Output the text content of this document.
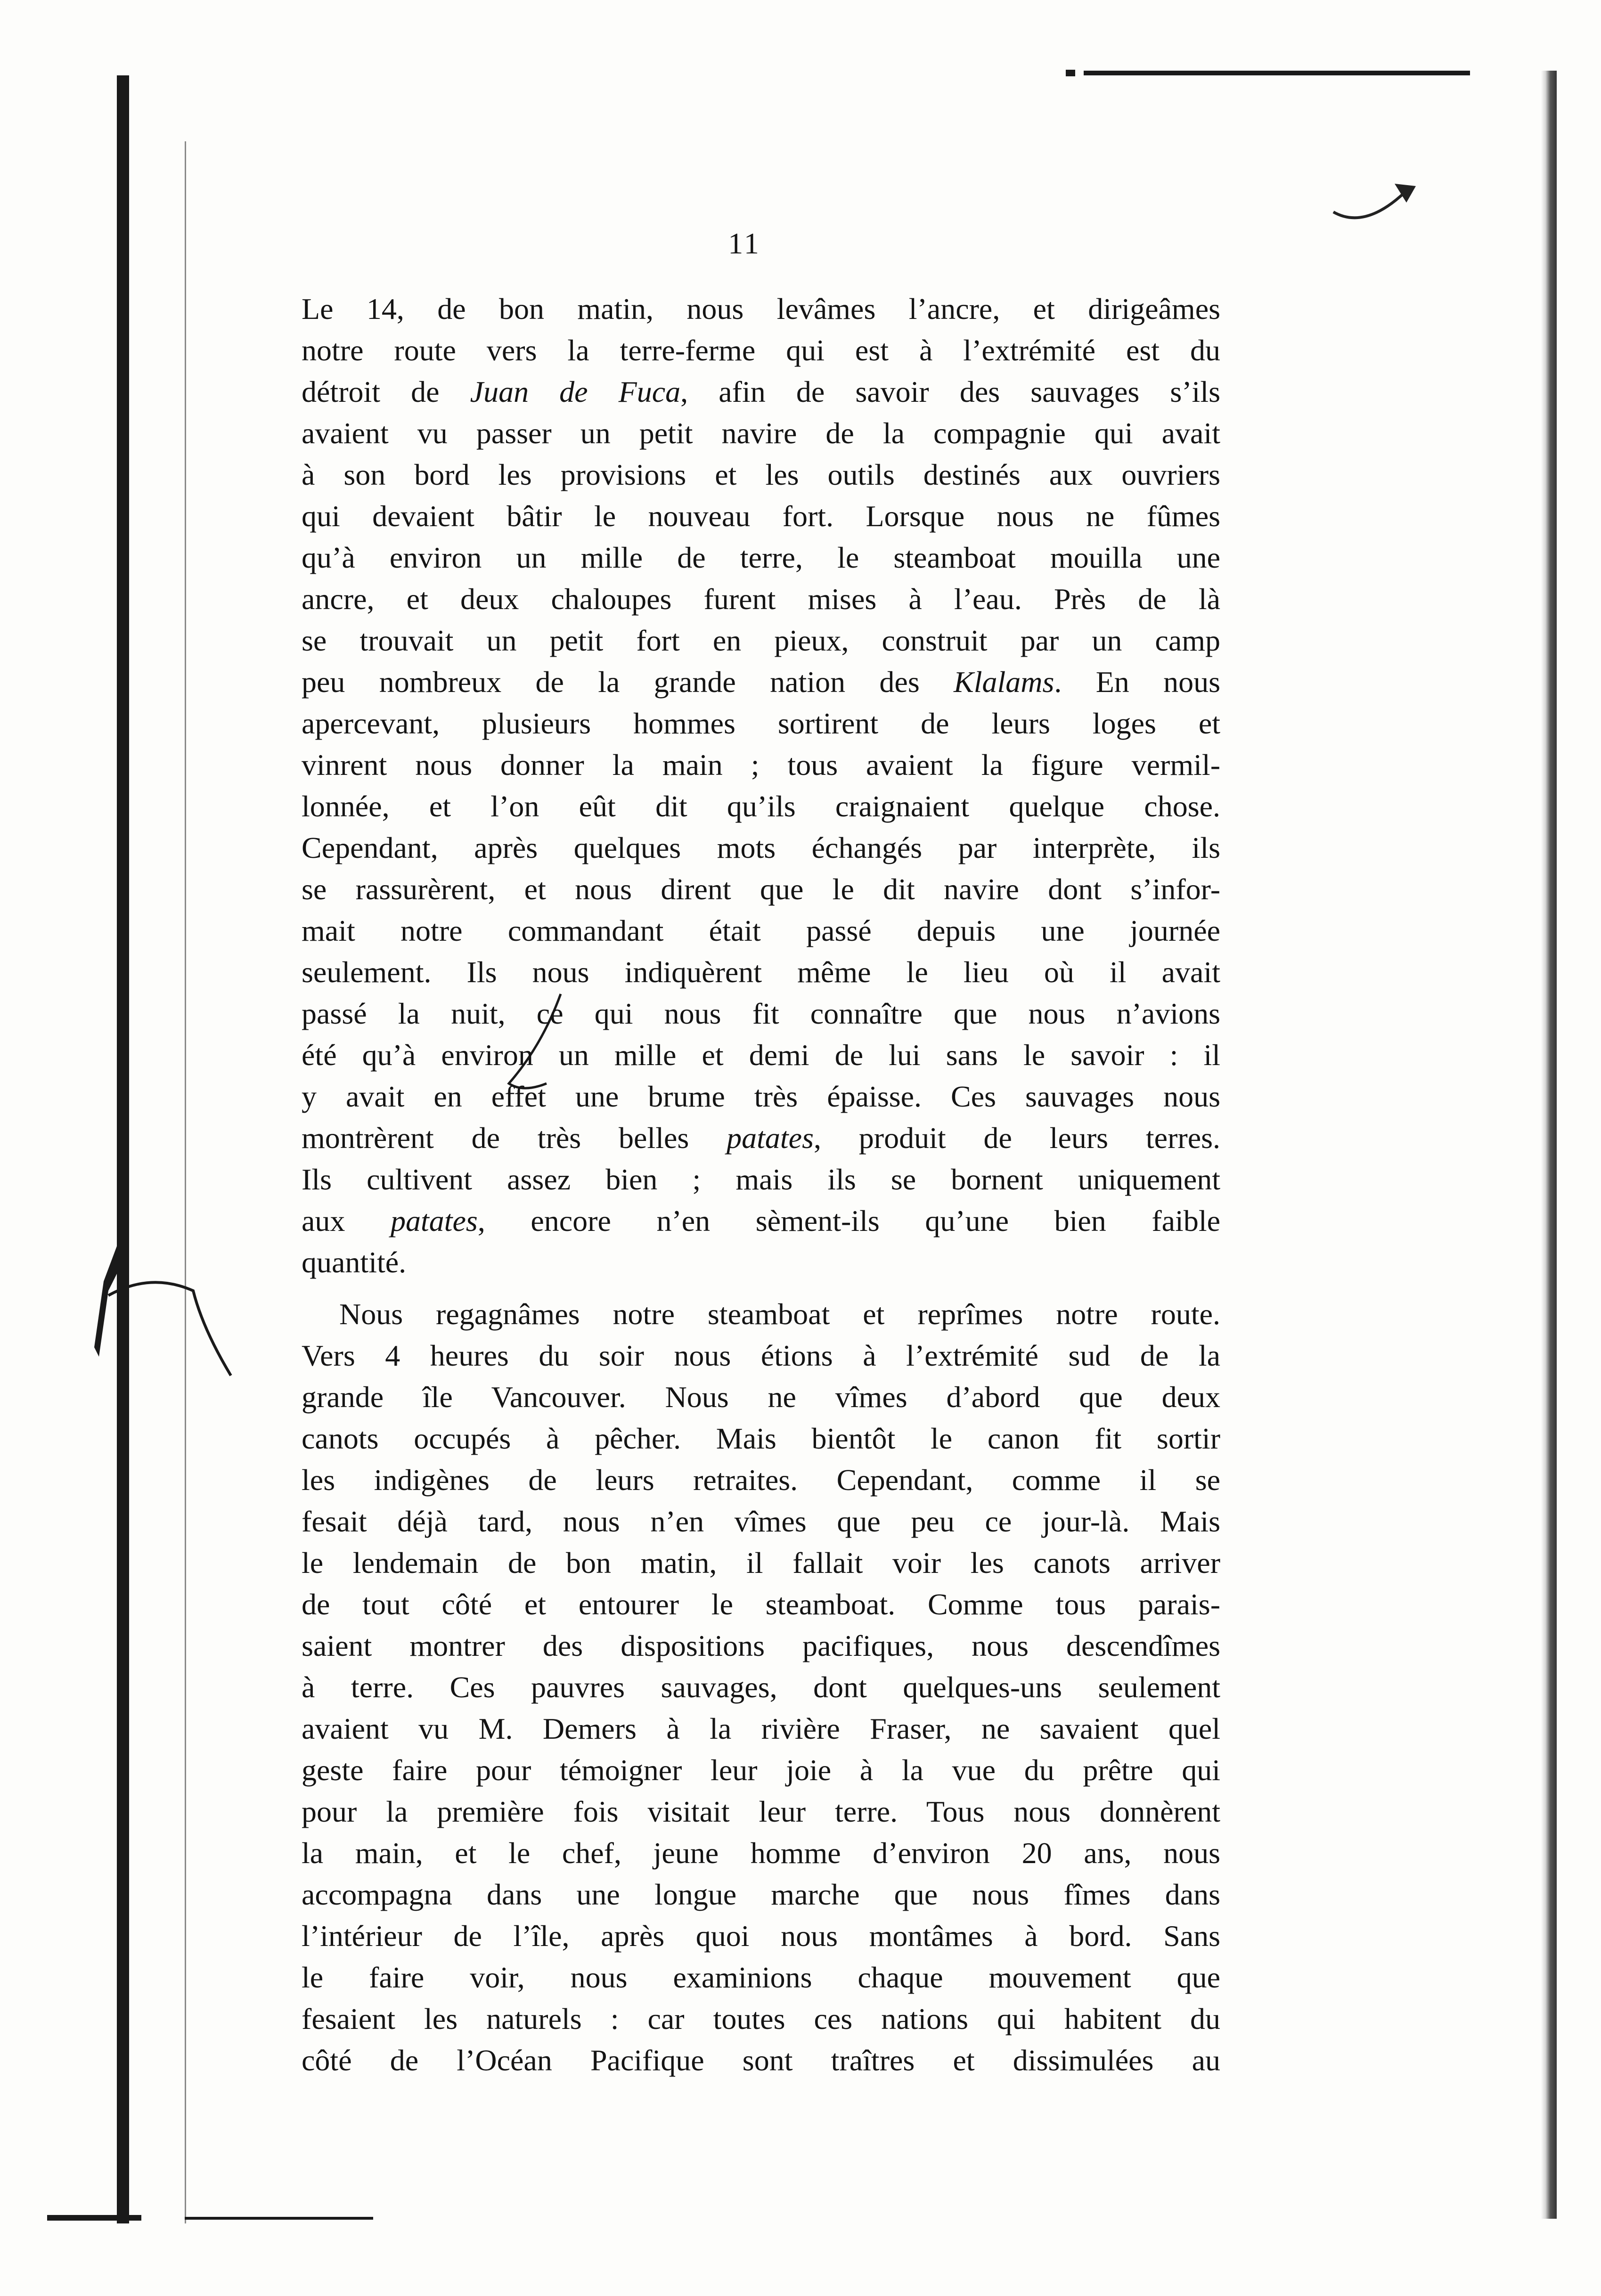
11
Le 14, de bon matin, nous levâmes l’ancre, et dirigeâmes
notre route vers la terre-ferme qui est à l’extrémité est du
détroit de Juan de Fuca, afin de savoir des sauvages s’ils
avaient vu passer un petit navire de la compagnie qui avait
à son bord les provisions et les outils destinés aux ouvriers
qui devaient bâtir le nouveau fort. Lorsque nous ne fûmes
qu’à environ un mille de terre, le steamboat mouilla une
ancre, et deux chaloupes furent mises à l’eau. Près de là
se trouvait un petit fort en pieux, construit par un camp
peu nombreux de la grande nation des Klalams. En nous
apercevant, plusieurs hommes sortirent de leurs loges et
vinrent nous donner la main ; tous avaient la figure vermil-
lonnée, et l’on eût dit qu’ils craignaient quelque chose.
Cependant, après quelques mots échangés par interprète, ils
se rassurèrent, et nous dirent que le dit navire dont s’infor-
mait notre commandant était passé depuis une journée
seulement. Ils nous indiquèrent même le lieu où il avait
passé la nuit, ce qui nous fit connaître que nous n’avions
été qu’à environ un mille et demi de lui sans le savoir : il
y avait en effet une brume très épaisse. Ces sauvages nous
montrèrent de très belles patates, produit de leurs terres.
Ils cultivent assez bien ; mais ils se bornent uniquement
aux patates, encore n’en sèment-ils qu’une bien faible
quantité.
Nous regagnâmes notre steamboat et reprîmes notre route.
Vers 4 heures du soir nous étions à l’extrémité sud de la
grande île Vancouver. Nous ne vîmes d’abord que deux
canots occupés à pêcher. Mais bientôt le canon fit sortir
les indigènes de leurs retraites. Cependant, comme il se
fesait déjà tard, nous n’en vîmes que peu ce jour-là. Mais
le lendemain de bon matin, il fallait voir les canots arriver
de tout côté et entourer le steamboat. Comme tous parais-
saient montrer des dispositions pacifiques, nous descendîmes
à terre. Ces pauvres sauvages, dont quelques-uns seulement
avaient vu M. Demers à la rivière Fraser, ne savaient quel
geste faire pour témoigner leur joie à la vue du prêtre qui
pour la première fois visitait leur terre. Tous nous donnèrent
la main, et le chef, jeune homme d’environ 20 ans, nous
accompagna dans une longue marche que nous fîmes dans
l’intérieur de l’île, après quoi nous montâmes à bord. Sans
le faire voir, nous examinions chaque mouvement que
fesaient les naturels : car toutes ces nations qui habitent du
côté de l’Océan Pacifique sont traîtres et dissimulées au
